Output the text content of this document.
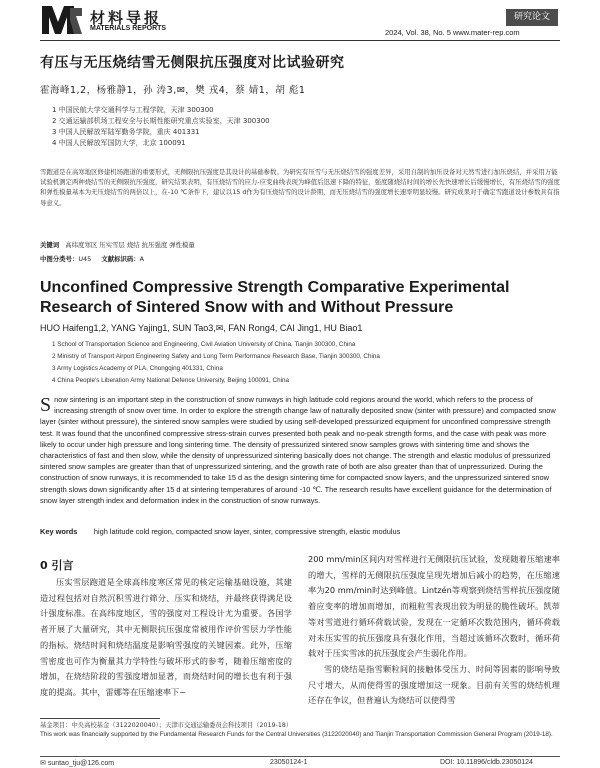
材料导报
MATERIALS REPORTS
研究论文
2024, Vol. 38, No. 5 www.mater-rep.com
有压与无压烧结雪无侧限抗压强度对比试验研究
霍海峰1,2，杨雅静1，孙 涛3,✉，樊 戎4，蔡 婧1，胡 彪1
1 中国民航大学交通科学与工程学院，天津 300300
2 交通运输部机场工程安全与长期性能研究重点实验室，天津 300300
3 中国人民解放军陆军勤务学院，重庆 401331
4 中国人民解放军国防大学，北京 100091
雪跑道是在高寒地区修建机场跑道的重要形式，无侧限抗压强度是其设计的基础参数。为研究有压雪与无压烧结雪的强度差异，采用自制的加压设备对天然雪进行加压烧结，并采用万能试验机测定两种烧结雪的无侧限抗压强度，研究结果表明，有压烧结雪的应力-应变曲线表现为峰值后迅速下降的特征，强度随烧结时间的增长先快速增长后缓慢增长，有压烧结雪的强度和弹性模量基本为无压烧结雪的两倍以上，在-10 ℃条件下，建议以15 d作为有压烧结雪的设计龄期，而无压烧结雪的强度增长速率明显较慢。研究成果对于确定雪跑道设计参数具有指导意义。
关键词 高纬度寒区 压实雪层 烧结 抗压强度 弹性模量
中图分类号：U45 文献标识码：A
Unconfined Compressive Strength Comparative Experimental Research of Sintered Snow with and Without Pressure
HUO Haifeng1,2, YANG Yajing1, SUN Tao3,✉, FAN Rong4, CAI Jing1, HU Biao1
1 School of Transportation Science and Engineering, Civil Aviation University of China, Tianjin 300300, China
2 Ministry of Transport Airport Engineering Safety and Long Term Performance Research Base, Tianjin 300300, China
3 Army Logistics Academy of PLA, Chongqing 401331, China
4 China People's Liberation Army National Defence University, Beijing 100091, China
Snow sintering is an important step in the construction of snow runways in high latitude cold regions around the world, which refers to the process of increasing strength of snow over time. In order to explore the strength change law of naturally deposited snow (sinter with pressure) and compacted snow layer (sinter without pressure), the sintered snow samples were studied by using self-developed pressurized equipment for unconfined compressive strength test. It was found that the unconfined compressive stress-strain curves presented both peak and no-peak strength forms, and the case with peak was more likely to occur under high pressure and long sintering time. The density of pressurized sintered snow samples grows with sintering time and shows the characteristics of fast and then slow, while the density of unpressurized sintering basically does not change. The strength and elastic modulus of pressurized sintered snow samples are greater than that of unpressurized sintering, and the growth rate of both are also greater than that of unpressurized. During the construction of snow runways, it is recommended to take 15 d as the design sintering time for compacted snow layers, and the unpressurized sintered snow strength slows down significantly after 15 d at sintering temperatures of around -10 ℃. The research results have excellent guidance for the determination of snow layer strength index and deformation index in the construction of snow runways.
Key words high latitude cold region, compacted snow layer, sinter, compressive strength, elastic modulus
0 引言
压实雪层跑道是全球高纬度寒区常见的核定运输基础设施，其建造过程包括对自然沉积雪进行筛分、压实和烧结，并最终获得满足设计强度标准。在高纬度地区，雪的强度对工程设计尤为重要。各国学者开展了大量研究，其中无侧限抗压强度常被用作评价雪层力学性能的指标。烧结时间和烧结温度是影响雪强度的关键因素。此外，压缩雪密度也可作为衡量其力学特性与破坏形式的参考，随着压缩密度的增加，在烧结阶段的雪强度增加显著，而烧结时间的增长也有利于强度的提高。其中，雷娜等在压缩速率下~

200 mm/min区间内对雪样进行无侧限抗压试验，发现随着压缩速率的增大，雪样的无侧限抗压强度呈现先增加后减小的趋势，在压缩速率为20 mm/min时达到峰值。Lintzén等观察到烧结雪样抗压强度随着应变率的增加而增加，而粗粒雪表现出较为明显的脆性破坏。凯蒂等对雪道进行循环荷载试验，发现在一定循环次数范围内，循环荷载对未压实雪的抗压强度具有强化作用，当超过该循环次数时，循环荷载对于压实雪冰的抗压强度会产生弱化作用。

雪的烧结是指雪颗粒间的接触体受压力、时间等因素的影响导致尺寸增大，从而使得雪的强度增加这一现象。目前有关雪的烧结机理还存在争议，但普遍认为烧结可以使得雪

基金项目：中央高校基金（3122020040）；天津市交通运输委员会科技项目（2019-18）
This work was financially supported by the Fundamental Research Funds for the Central Universities (3122020040) and Tianjin Transportation Commission General Program (2019-18).
✉ suntao_tju@126.com	23050124-1	DOI: 10.11896/cldb.23050124
